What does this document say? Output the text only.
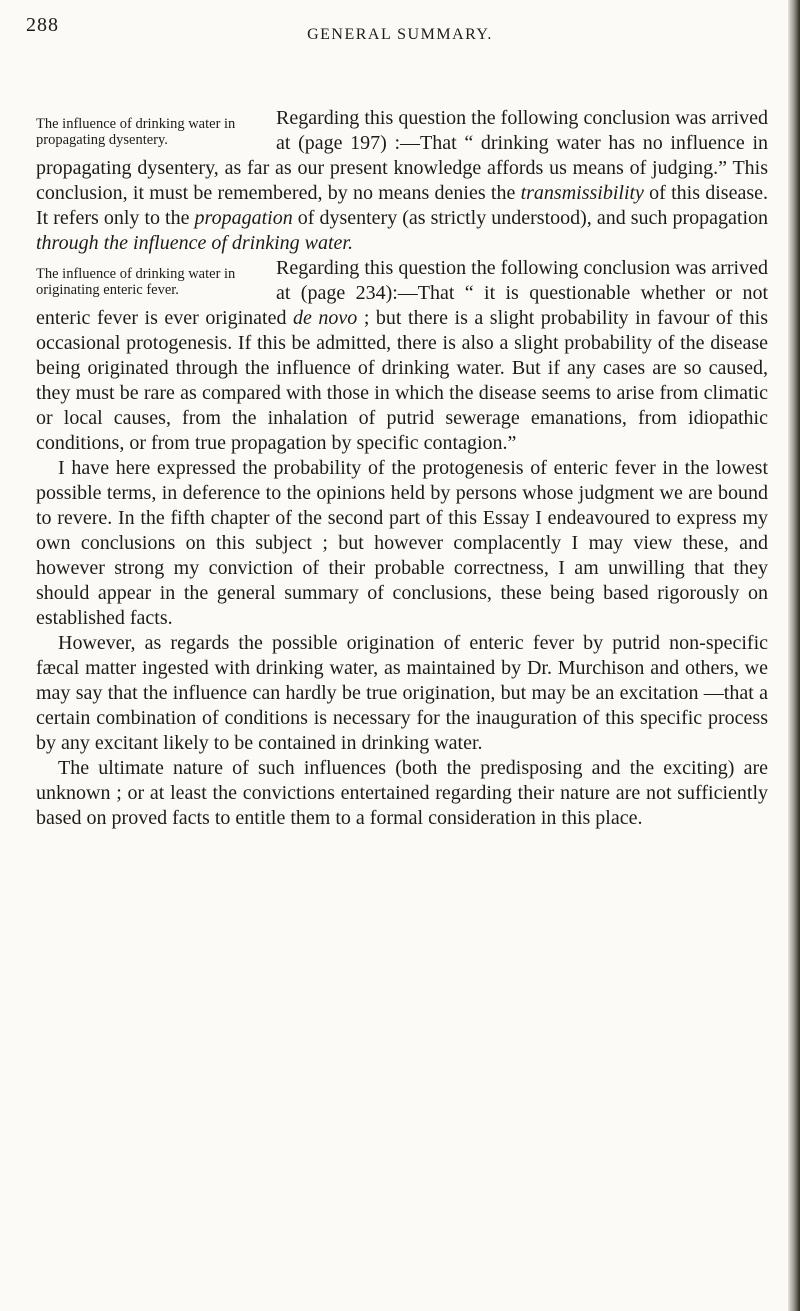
288	GENERAL SUMMARY.

The influence of drinking water in propagating dysentery.
Regarding this question the following conclusion was arrived at (page 197) :—That “ drinking water has no influence in propagating dysentery, as far as our present knowledge affords us means of judging.” This conclusion, it must be remembered, by no means denies the transmissibility of this disease. It refers only to the propagation of dysentery (as strictly understood), and such propagation through the influence of drinking water.

The influence of drinking water in originating enteric fever.
Regarding this question the following conclusion was arrived at (page 234):—That “ it is questionable whether or not enteric fever is ever originated de novo ; but there is a slight probability in favour of this occasional protogenesis. If this be admitted, there is also a slight probability of the disease being originated through the influence of drinking water. But if any cases are so caused, they must be rare as compared with those in which the disease seems to arise from climatic or local causes, from the inhalation of putrid sewerage emanations, from idiopathic conditions, or from true propagation by specific contagion.”

I have here expressed the probability of the protogenesis of enteric fever in the lowest possible terms, in deference to the opinions held by persons whose judgment we are bound to revere. In the fifth chapter of the second part of this Essay I endeavoured to express my own conclusions on this subject ; but however complacently I may view these, and however strong my conviction of their probable correctness, I am unwilling that they should appear in the general summary of conclusions, these being based rigorously on established facts.

However, as regards the possible origination of enteric fever by putrid non-specific fæcal matter ingested with drinking water, as maintained by Dr. Murchison and others, we may say that the influence can hardly be true origination, but may be an excitation —that a certain combination of conditions is necessary for the inauguration of this specific process by any excitant likely to be contained in drinking water.

The ultimate nature of such influences (both the predisposing and the exciting) are unknown ; or at least the convictions entertained regarding their nature are not sufficiently based on proved facts to entitle them to a formal consideration in this place.
